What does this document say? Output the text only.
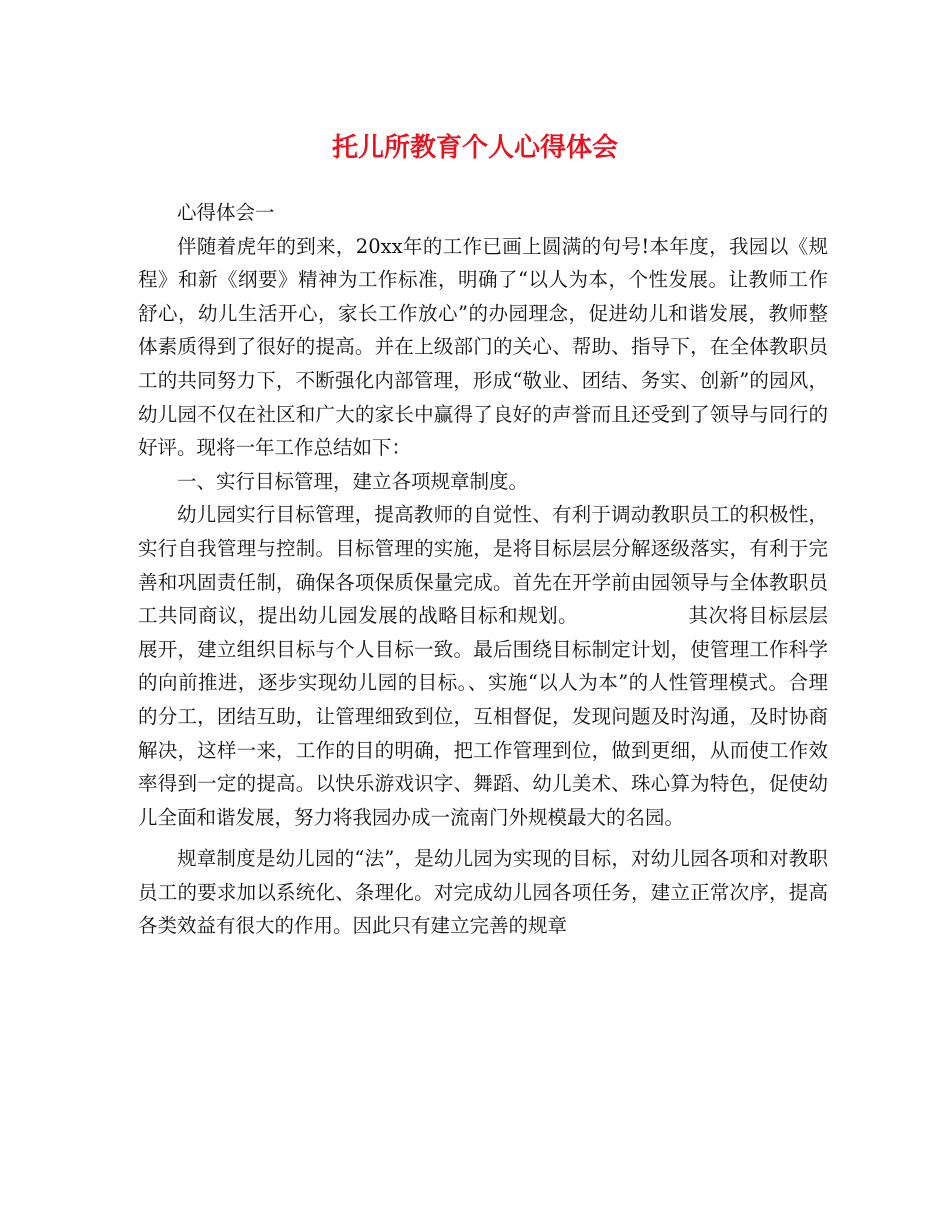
托儿所教育个人心得体会

心得体会一

伴随着虎年的到来，20xx年的工作已画上圆满的句号!本年度，我园以《规程》和新《纲要》精神为工作标准，明确了“以人为本，个性发展。让教师工作舒心，幼儿生活开心，家长工作放心”的办园理念，促进幼儿和谐发展，教师整体素质得到了很好的提高。并在上级部门的关心、帮助、指导下，在全体教职员工的共同努力下，不断强化内部管理，形成“敬业、团结、务实、创新”的园风，幼儿园不仅在社区和广大的家长中赢得了良好的声誉而且还受到了领导与同行的好评。现将一年工作总结如下：

一、实行目标管理，建立各项规章制度。

幼儿园实行目标管理，提高教师的自觉性、有利于调动教职员工的积极性，实行自我管理与控制。目标管理的实施，是将目标层层分解逐级落实，有利于完善和巩固责任制，确保各项保质保量完成。首先在开学前由园领导与全体教职员工共同商议，提出幼儿园发展的战略目标和规划。　　　　　　其次将目标层层展开，建立组织目标与个人目标一致。最后围绕目标制定计划，使管理工作科学的向前推进，逐步实现幼儿园的目标。、实施“以人为本”的人性管理模式。合理的分工，团结互助，让管理细致到位，互相督促，发现问题及时沟通，及时协商解决，这样一来，工作的目的明确，把工作管理到位，做到更细，从而使工作效率得到一定的提高。以快乐游戏识字、舞蹈、幼儿美术、珠心算为特色，促使幼儿全面和谐发展，努力将我园办成一流南门外规模最大的名园。

规章制度是幼儿园的“法”，是幼儿园为实现的目标，对幼儿园各项和对教职员工的要求加以系统化、条理化。对完成幼儿园各项任务，建立正常次序，提高各类效益有很大的作用。因此只有建立完善的规章
